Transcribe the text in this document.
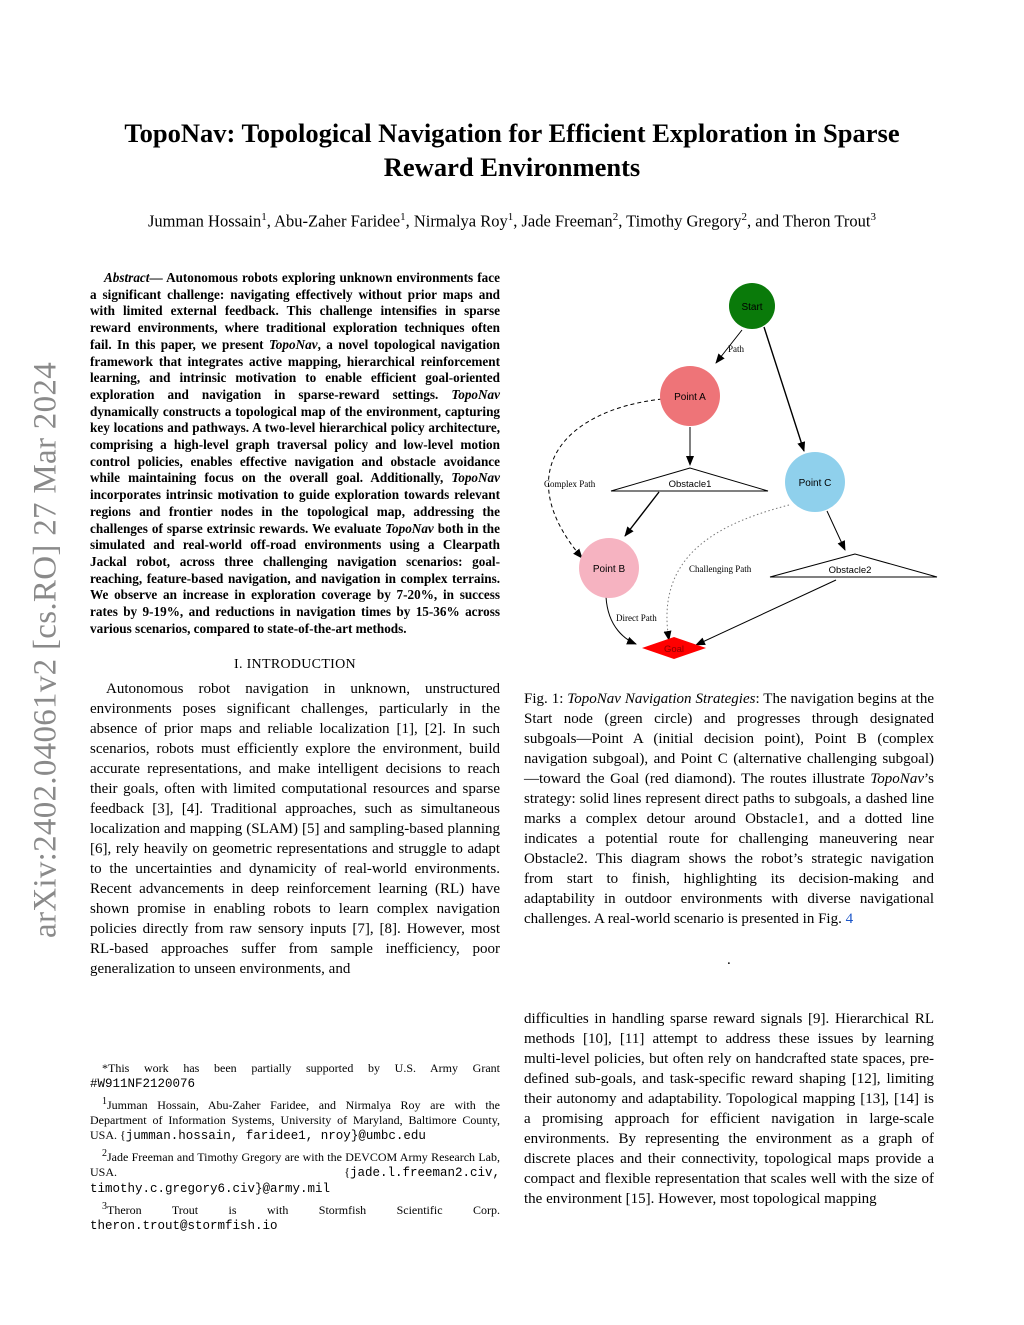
arXiv:2402.04061v2 [cs.RO] 27 Mar 2024
TopoNav: Topological Navigation for Efficient Exploration in Sparse Reward Environments
Jumman Hossain$^1$, Abu-Zaher Faridee$^1$, Nirmalya Roy$^1$, Jade Freeman$^2$, Timothy Gregory$^2$, and Theron Trout$^3$

Abstract— Autonomous robots exploring unknown environments face a significant challenge: navigating effectively without prior maps and with limited external feedback. This challenge intensifies in sparse reward environments, where traditional exploration techniques often fail. In this paper, we present TopoNav, a novel topological navigation framework that integrates active mapping, hierarchical reinforcement learning, and intrinsic motivation to enable efficient goal-oriented exploration and navigation in sparse-reward settings. TopoNav dynamically constructs a topological map of the environment, capturing key locations and pathways. A two-level hierarchical policy architecture, comprising a high-level graph traversal policy and low-level motion control policies, enables effective navigation and obstacle avoidance while maintaining focus on the overall goal. Additionally, TopoNav incorporates intrinsic motivation to guide exploration towards relevant regions and frontier nodes in the topological map, addressing the challenges of sparse extrinsic rewards. We evaluate TopoNav both in the simulated and real-world off-road environments using a Clearpath Jackal robot, across three challenging navigation scenarios: goal-reaching, feature-based navigation, and navigation in complex terrains. We observe an increase in exploration coverage by 7-20%, in success rates by 9-19%, and reductions in navigation times by 15-36% across various scenarios, compared to state-of-the-art methods.

I. INTRODUCTION

Autonomous robot navigation in unknown, unstructured environments poses significant challenges, particularly in the absence of prior maps and reliable localization [1], [2]. In such scenarios, robots must efficiently explore the environment, build accurate representations, and make intelligent decisions to reach their goals, often with limited computational resources and sparse feedback [3], [4]. Traditional approaches, such as simultaneous localization and mapping (SLAM) [5] and sampling-based planning [6], rely heavily on geometric representations and struggle to adapt to the uncertainties and dynamicity of real-world environments. Recent advancements in deep reinforcement learning (RL) have shown promise in enabling robots to learn complex navigation policies directly from raw sensory inputs [7], [8]. However, most RL-based approaches suffer from sample inefficiency, poor generalization to unseen environments, and

*This work has been partially supported by U.S. Army Grant #W911NF2120076

$^1$Jumman Hossain, Abu-Zaher Faridee, and Nirmalya Roy are with the Department of Information Systems, University of Maryland, Baltimore County, USA. {jumman.hossain, faridee1, nroy}@umbc.edu

$^2$Jade Freeman and Timothy Gregory are with the DEVCOM Army Research Lab, USA. {jade.l.freeman2.civ, timothy.c.gregory6.civ}@army.mil

$^3$Theron Trout is with Stormfish Scientific Corp. theron.trout@stormfish.io

Start
Point A
Point B
Point C
Obstacle1
Obstacle2
Goal
Path
Complex Path
Challenging Path
Direct Path
Fig. 1: TopoNav Navigation Strategies: The navigation begins at the Start node (green circle) and progresses through designated subgoals—Point A (initial decision point), Point B (complex navigation subgoal), and Point C (alternative challenging subgoal)—toward the Goal (red diamond). The routes illustrate TopoNav’s strategy: solid lines represent direct paths to subgoals, a dashed line marks a complex detour around Obstacle1, and a dotted line indicates a potential route for challenging maneuvering near Obstacle2. This diagram shows the robot’s strategic navigation from start to finish, highlighting its decision-making and adaptability in outdoor environments with diverse navigational challenges. A real-world scenario is presented in Fig. 4
.

difficulties in handling sparse reward signals [9]. Hierarchical RL methods [10], [11] attempt to address these issues by learning multi-level policies, but often rely on handcrafted state spaces, pre-defined sub-goals, and task-specific reward shaping [12], limiting their autonomy and adaptability. Topological mapping [13], [14] is a promising approach for efficient navigation in large-scale environments. By representing the environment as a graph of discrete places and their connectivity, topological maps provide a compact and flexible representation that scales well with the size of the environment [15]. However, most topological mapping
